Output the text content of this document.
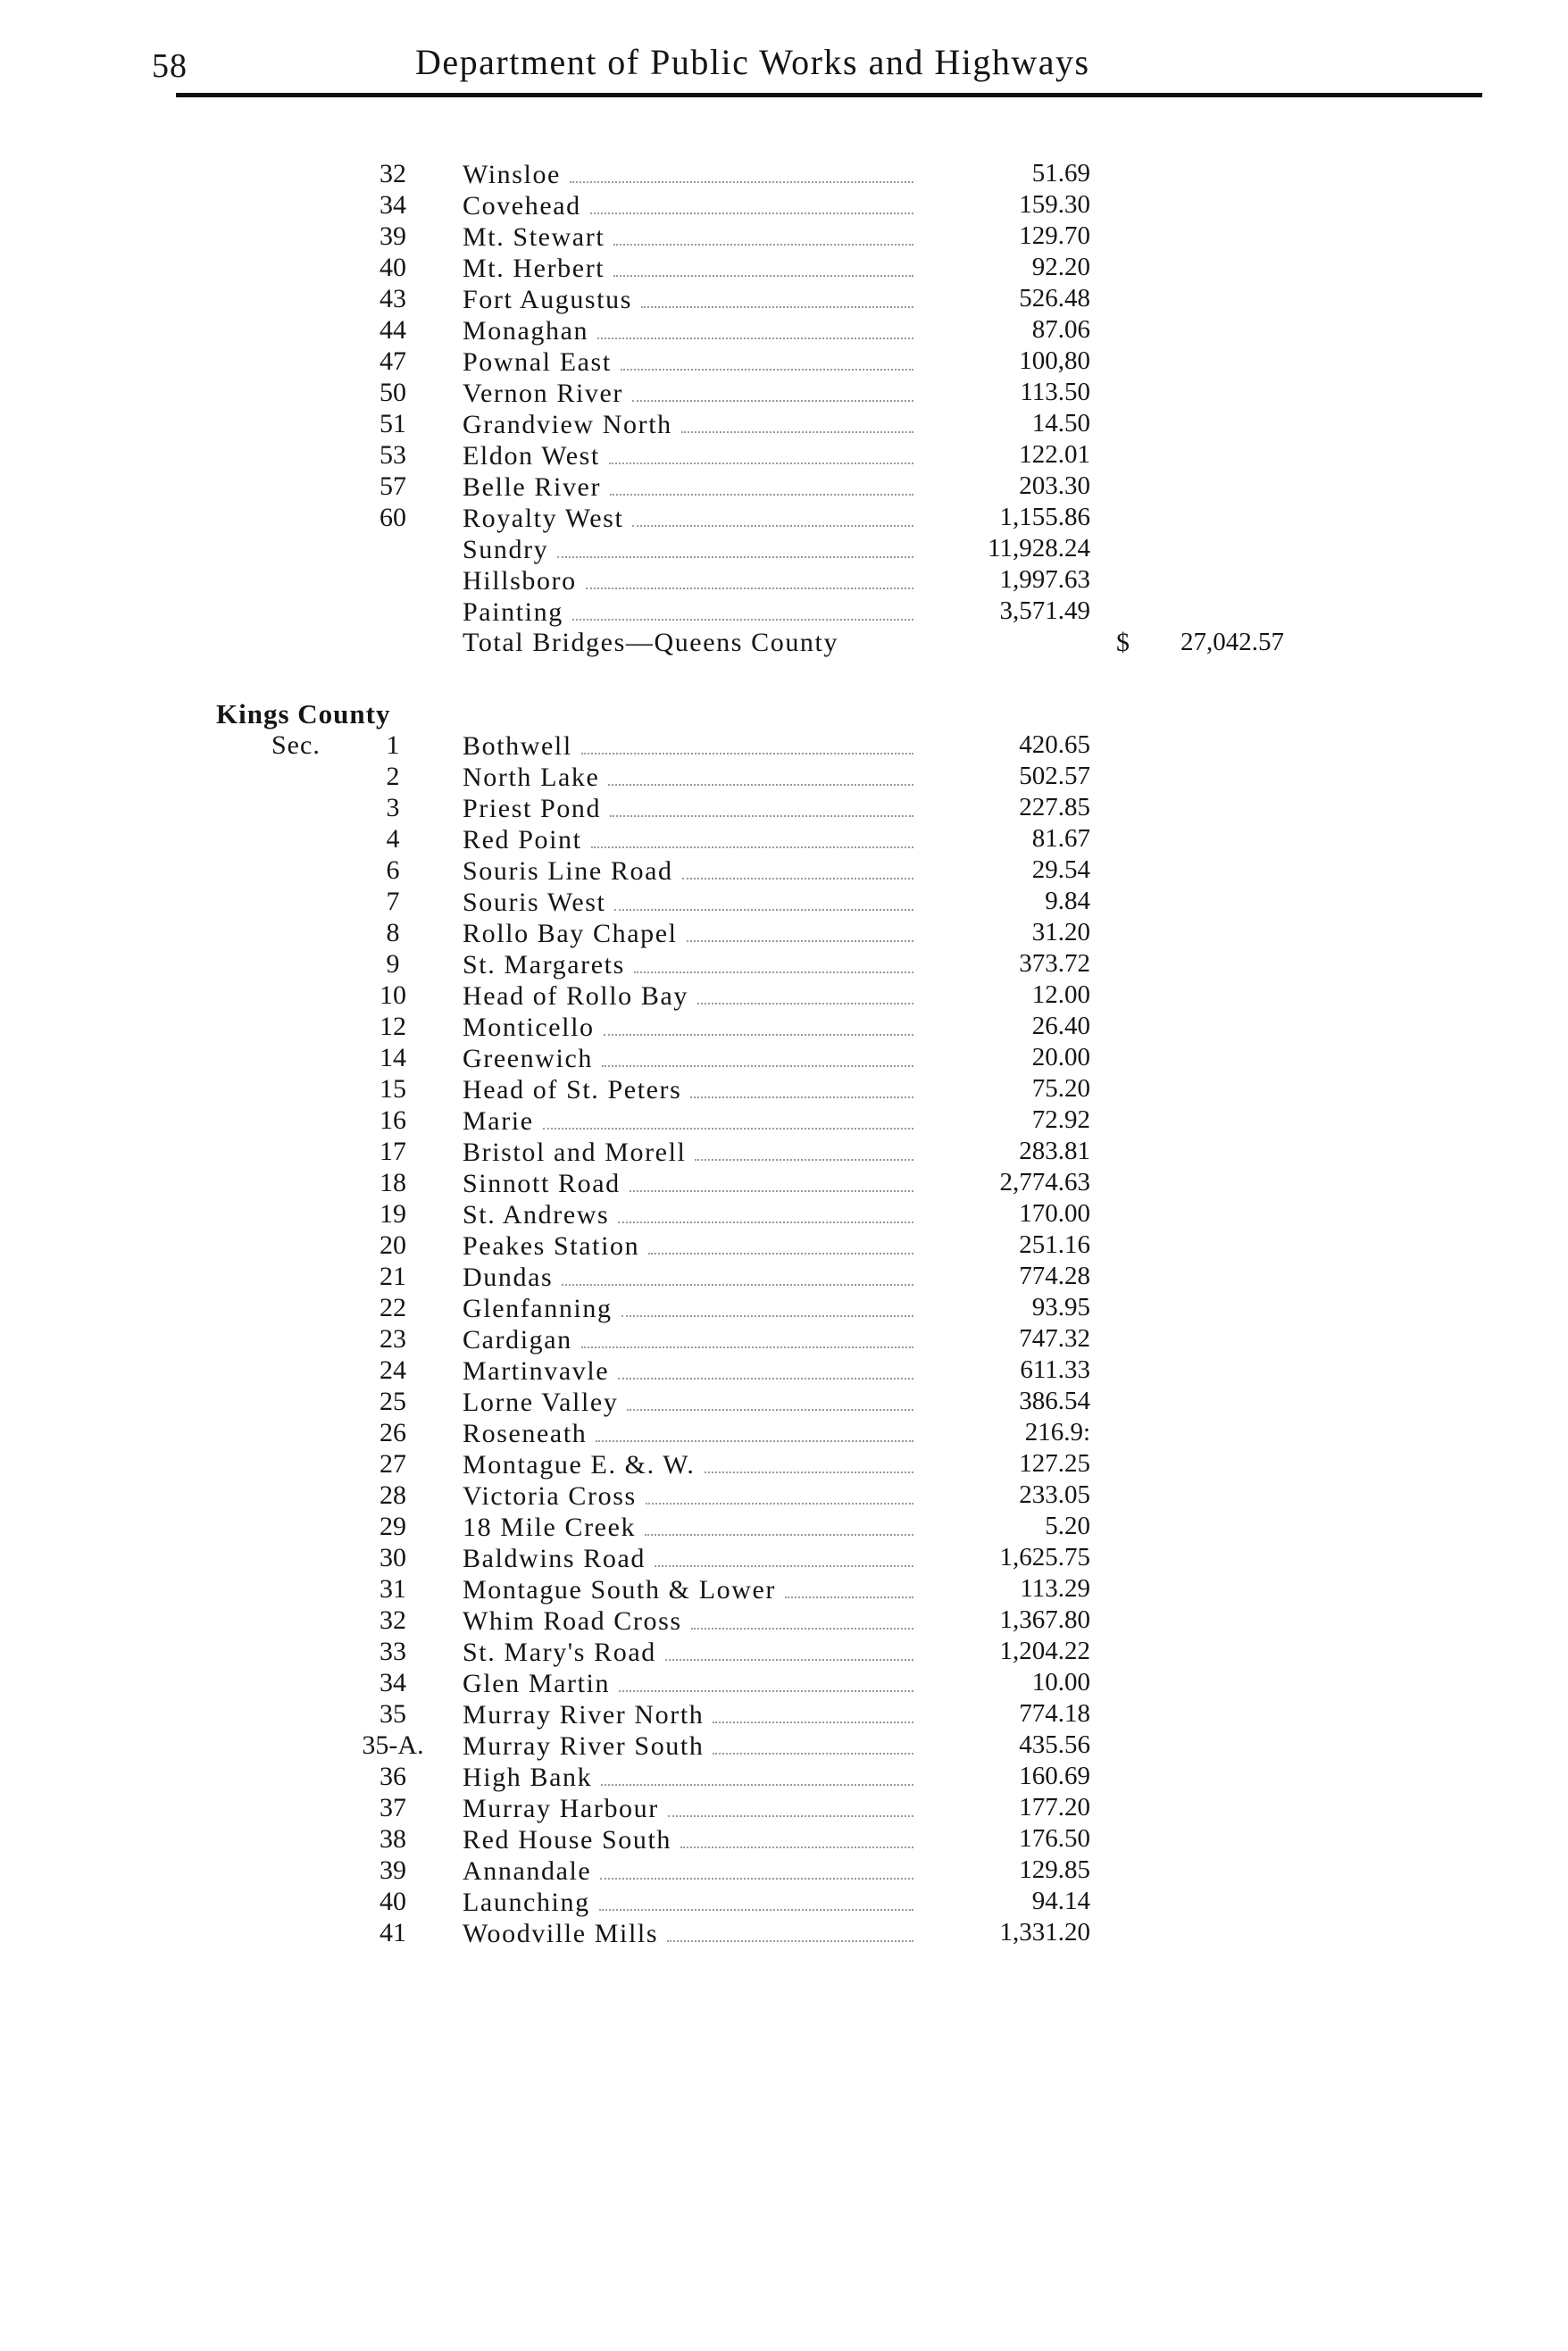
58	Department of Public Works and Highways
Kings County
Sec.
32	Winsloe	51.69
34	Covehead	159.30
39	Mt. Stewart	129.70
40	Mt. Herbert	92.20
43	Fort Augustus	526.48
44	Monaghan	87.06
47	Pownal East	100,80
50	Vernon River	113.50
51	Grandview North	14.50
53	Eldon West	122.01
57	Belle River	203.30
60	Royalty West	1,155.86
Sundry	11,928.24
Hillsboro	1,997.63
Painting	3,571.49
Total Bridges—Queens County	$ 27,042.57
1	Bothwell	420.65
2	North Lake	502.57
3	Priest Pond	227.85
4	Red Point	81.67
6	Souris Line Road	29.54
7	Souris West	9.84
8	Rollo Bay Chapel	31.20
9	St. Margarets	373.72
10	Head of Rollo Bay	12.00
12	Monticello	26.40
14	Greenwich	20.00
15	Head of St. Peters	75.20
16	Marie	72.92
17	Bristol and Morell	283.81
18	Sinnott Road	2,774.63
19	St. Andrews	170.00
20	Peakes Station	251.16
21	Dundas	774.28
22	Glenfanning	93.95
23	Cardigan	747.32
24	Martinvavle	611.33
25	Lorne Valley	386.54
26	Roseneath	216.9:
27	Montague E. &. W.	127.25
28	Victoria Cross	233.05
29	18 Mile Creek	5.20
30	Baldwins Road	1,625.75
31	Montague South & Lower	113.29
32	Whim Road Cross	1,367.80
33	St. Mary's Road	1,204.22
34	Glen Martin	10.00
35	Murray River North	774.18
35-A.	Murray River South	435.56
36	High Bank	160.69
37	Murray Harbour	177.20
38	Red House South	176.50
39	Annandale	129.85
40	Launching	94.14
41	Woodville Mills	1,331.20
